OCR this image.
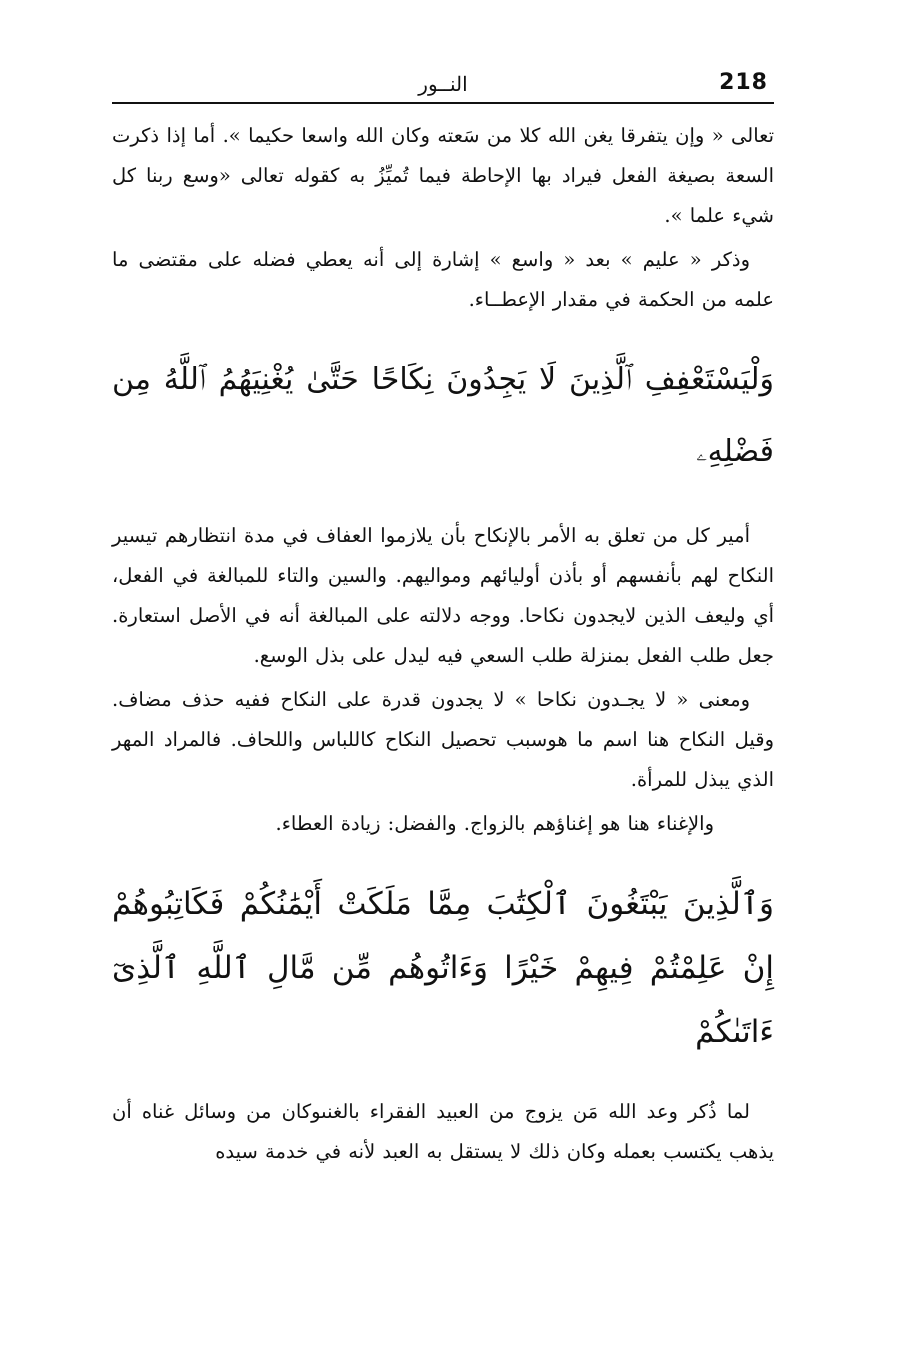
218
النــور

تعالى « وإن يتفرقا يغن الله كلا من سَعته وكان الله واسعا حكيما ». أما إذا ذكرت السعة بصيغة الفعل فيراد بها الإحاطة فيما تُميِّزُ به كقوله تعالى «وسع ربنا كل شيء علما ».

وذكر « عليم » بعد « واسع » إشارة إلى أنه يعطي فضله على مقتضى ما علمه من الحكمة في مقدار الإعطــاء.

وَلْيَسْتَعْفِفِ ٱلَّذِينَ لَا يَجِدُونَ نِكَاحًا حَتَّىٰ يُغْنِيَهُمُ ٱللَّهُ مِن فَضْلِهِۦ

أمير كل من تعلق به الأمر بالإنكاح بأن يلازموا العفاف في مدة انتظارهم تيسير النكاح لهم بأنفسهم أو بأذن أوليائهم ومواليهم. والسين والتاء للمبالغة في الفعل، أي وليعف الذين لايجدون نكاحا. ووجه دلالته على المبالغة أنه في الأصل استعارة. جعل طلب الفعل بمنزلة طلب السعي فيه ليدل على بذل الوسع.

ومعنى « لا يجـدون نكاحا » لا يجدون قدرة على النكاح ففيه حذف مضاف. وقيل النكاح هنا اسم ما هوسبب تحصيل النكاح كاللباس واللحاف. فالمراد المهر الذي يبذل للمرأة.

والإغناء هنا هو إغناؤهم بالزواج. والفضل: زيادة العطاء.

وَٱلَّذِينَ يَبْتَغُونَ ٱلْكِتَٰبَ مِمَّا مَلَكَتْ أَيْمَٰنُكُمْ فَكَاتِبُوهُمْ إِنْ عَلِمْتُمْ فِيهِمْ خَيْرًا وَءَاتُوهُم مِّن مَّالِ ٱللَّهِ ٱلَّذِىٓ ءَاتَىٰكُمْ

لما ذُكر وعد الله مَن يزوج من العبيد الفقراء بالغنىوكان من وسائل غناه أن يذهب يكتسب بعمله وكان ذلك لا يستقل به العبد لأنه في خدمة سيده
